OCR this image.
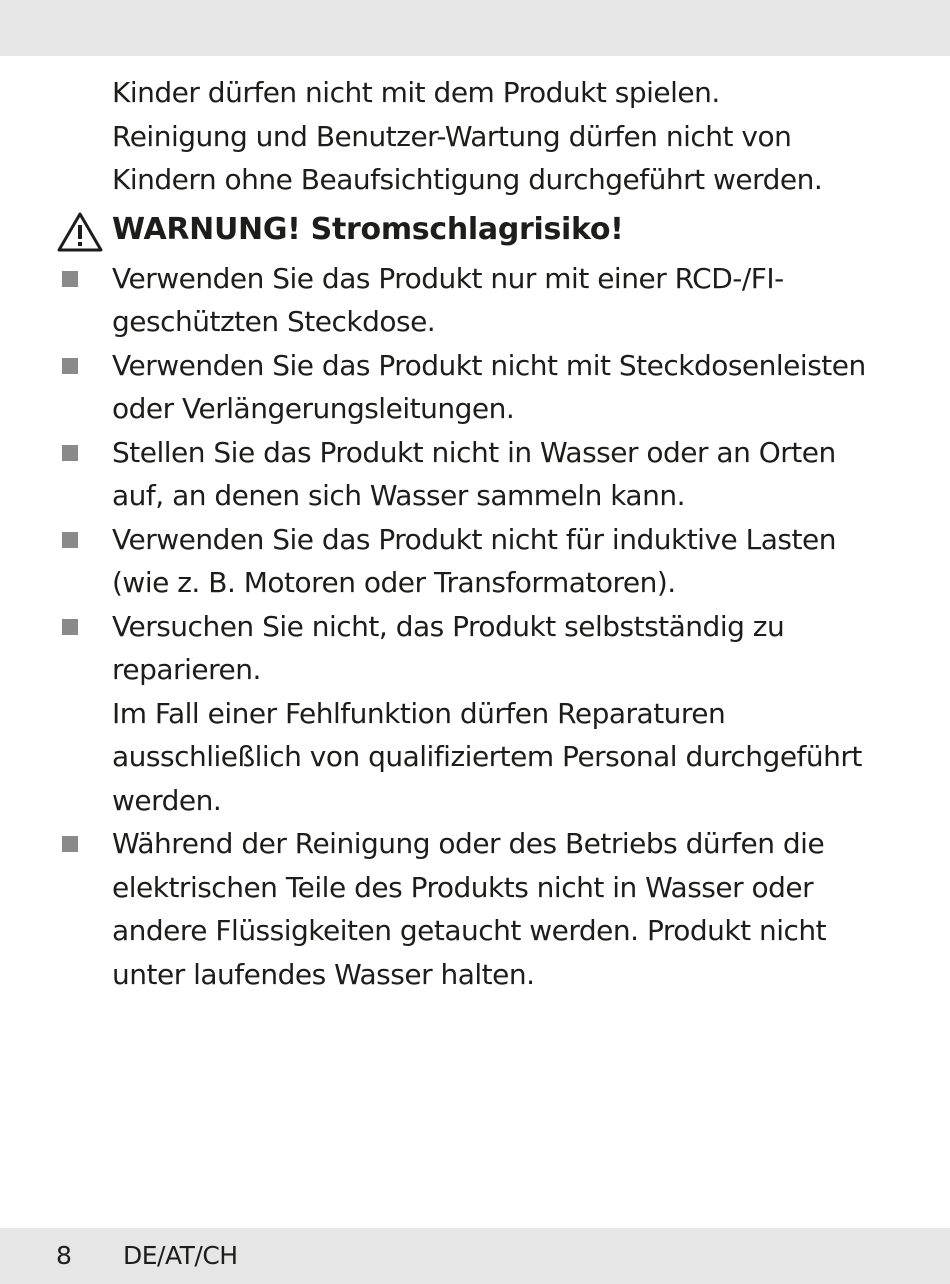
Kinder dürfen nicht mit dem Produkt spielen.
Reinigung und Benutzer-Wartung dürfen nicht von
Kindern ohne Beaufsichtigung durchgeführt werden.
WARNUNG! Stromschlagrisiko!
Verwenden Sie das Produkt nur mit einer RCD-/FI-
geschützten Steckdose.
Verwenden Sie das Produkt nicht mit Steckdosenleisten
oder Verlängerungsleitungen.
Stellen Sie das Produkt nicht in Wasser oder an Orten
auf, an denen sich Wasser sammeln kann.
Verwenden Sie das Produkt nicht für induktive Lasten
(wie z. B. Motoren oder Transformatoren).
Versuchen Sie nicht, das Produkt selbstständig zu
reparieren.
Im Fall einer Fehlfunktion dürfen Reparaturen
ausschließlich von qualifiziertem Personal durchgeführt
werden.
Während der Reinigung oder des Betriebs dürfen die
elektrischen Teile des Produkts nicht in Wasser oder
andere Flüssigkeiten getaucht werden. Produkt nicht
unter laufendes Wasser halten.
8 DE/AT/CH
